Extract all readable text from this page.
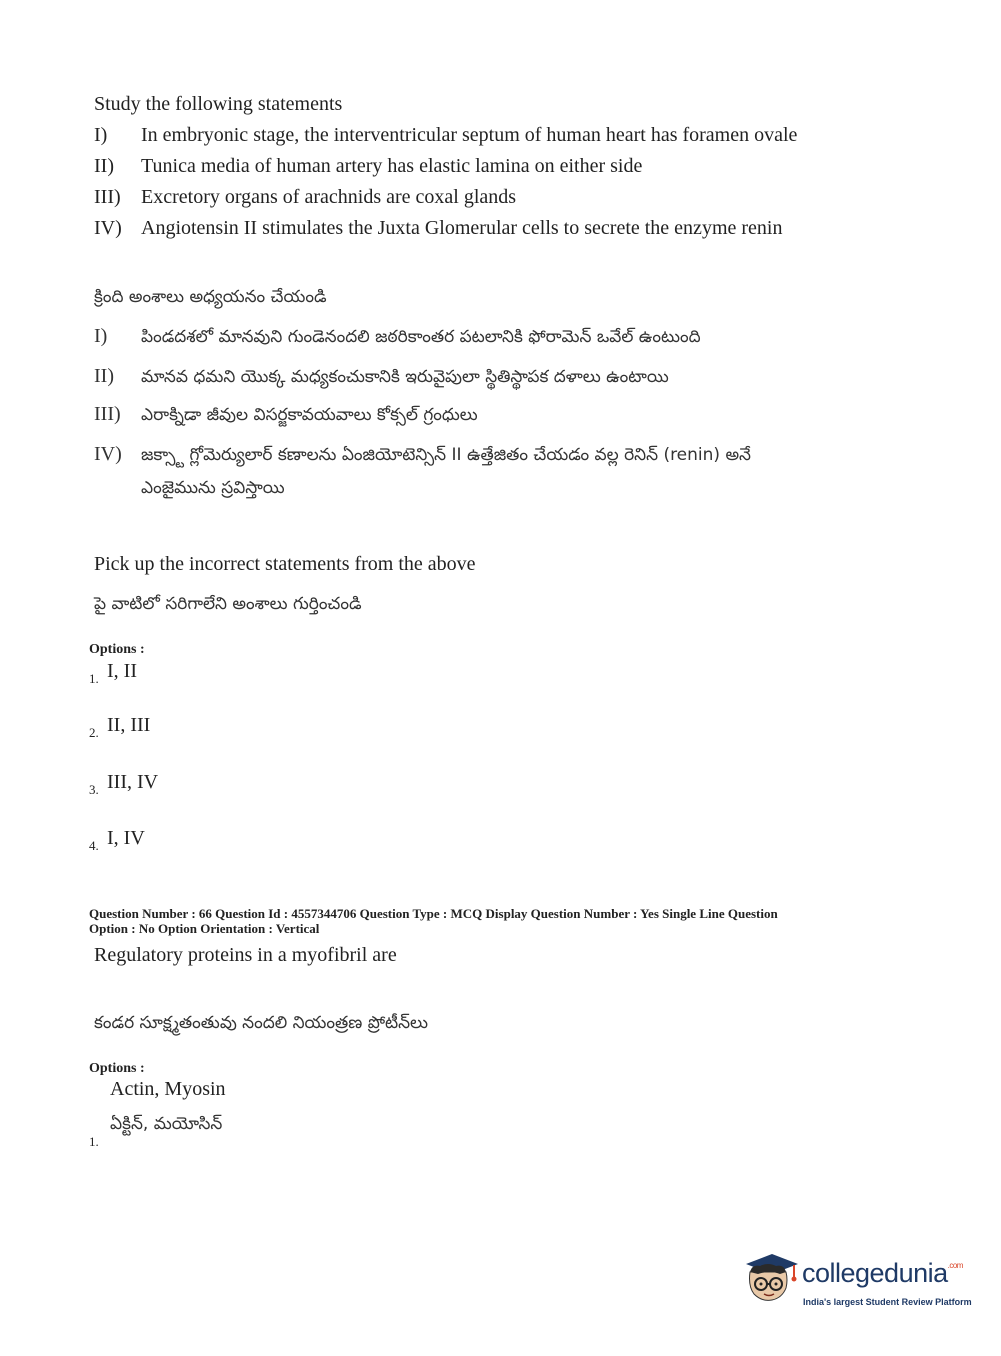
Study the following statements
I) In embryonic stage, the interventricular septum of human heart has foramen ovale
II) Tunica media of human artery has elastic lamina on either side
III) Excretory organs of arachnids are coxal glands
IV) Angiotensin II stimulates the Juxta Glomerular cells to secrete the enzyme renin
క్రింది అంశాలు అధ్యయనం చేయండి
I) పిండదశలో మానవుని గుండెనందలి జఠరికాంతర పటలానికి ఫోరామెన్ ఒవేల్ ఉంటుంది
II) మానవ ధమని యొక్క మధ్యకంచుకానికి ఇరువైపులా స్థితిస్థాపక దళాలు ఉంటాయి
III) ఎరాక్నిడా జీవుల విసర్జకావయవాలు కోక్సల్ గ్రంధులు
IV) జక్స్టా గ్లోమెర్యులార్ కణాలను ఏంజియోటెన్సిన్ II ఉత్తేజితం చేయడం వల్ల రెనిన్ (renin) అనే
ఎంజైమును స్రవిస్తాయి
Pick up the incorrect statements from the above
పై వాటిలో సరిగాలేని అంశాలు గుర్తించండి
Options :
1. I, II
2. II, III
3. III, IV
4. I, IV
Question Number : 66 Question Id : 4557344706 Question Type : MCQ Display Question Number : Yes Single Line Question
Option : No Option Orientation : Vertical
Regulatory proteins in a myofibril are
కండర సూక్ష్మతంతువు నందలి నియంత్రణ ప్రోటీన్‌లు
Options :
Actin, Myosin
ఏక్టిన్, మయోసిన్
1.
collegedunia$^{.com}$
India's largest Student Review Platform
